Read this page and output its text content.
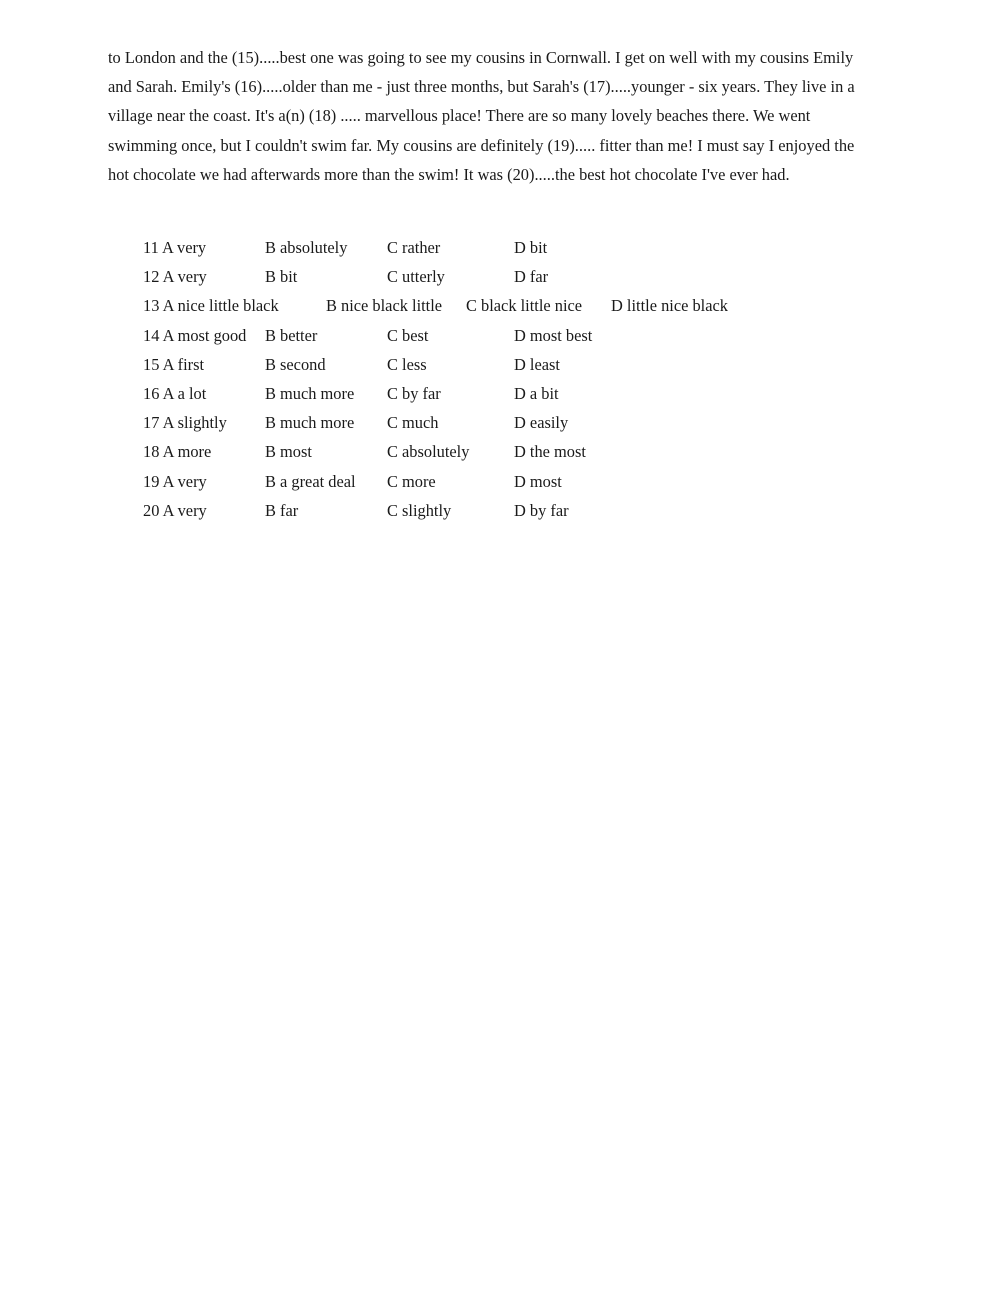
to London and the (15).....best one was going to see my cousins in Cornwall. I get on well with my cousins Emily
and Sarah. Emily's (16).....older than me - just three months, but Sarah's (17).....younger - six years. They live in a
village near the coast. It's a(n) (18) ..... marvellous place! There are so many lovely beaches there. We went
swimming once, but I couldn't swim far. My cousins are definitely (19)..... fitter than me! I must say I enjoyed the
hot chocolate we had afterwards more than the swim! It was (20).....the best hot chocolate I've ever had.

11 A very	B absolutely C rather	D bit
12 A very	B bit	C utterly	D far
13 A nice little black	B nice black little C black little nice D little nice black
14 A most good B better	C best	D most best
15 A first	B second	C less	D least
16 A a lot	B much more C by far	D a bit
17 A slightly B much more C much	D easily
18 A more	B most	C absolutely	D the most
19 A very	B a great deal C more	D most
20 A very	B far	C slightly	D by far
